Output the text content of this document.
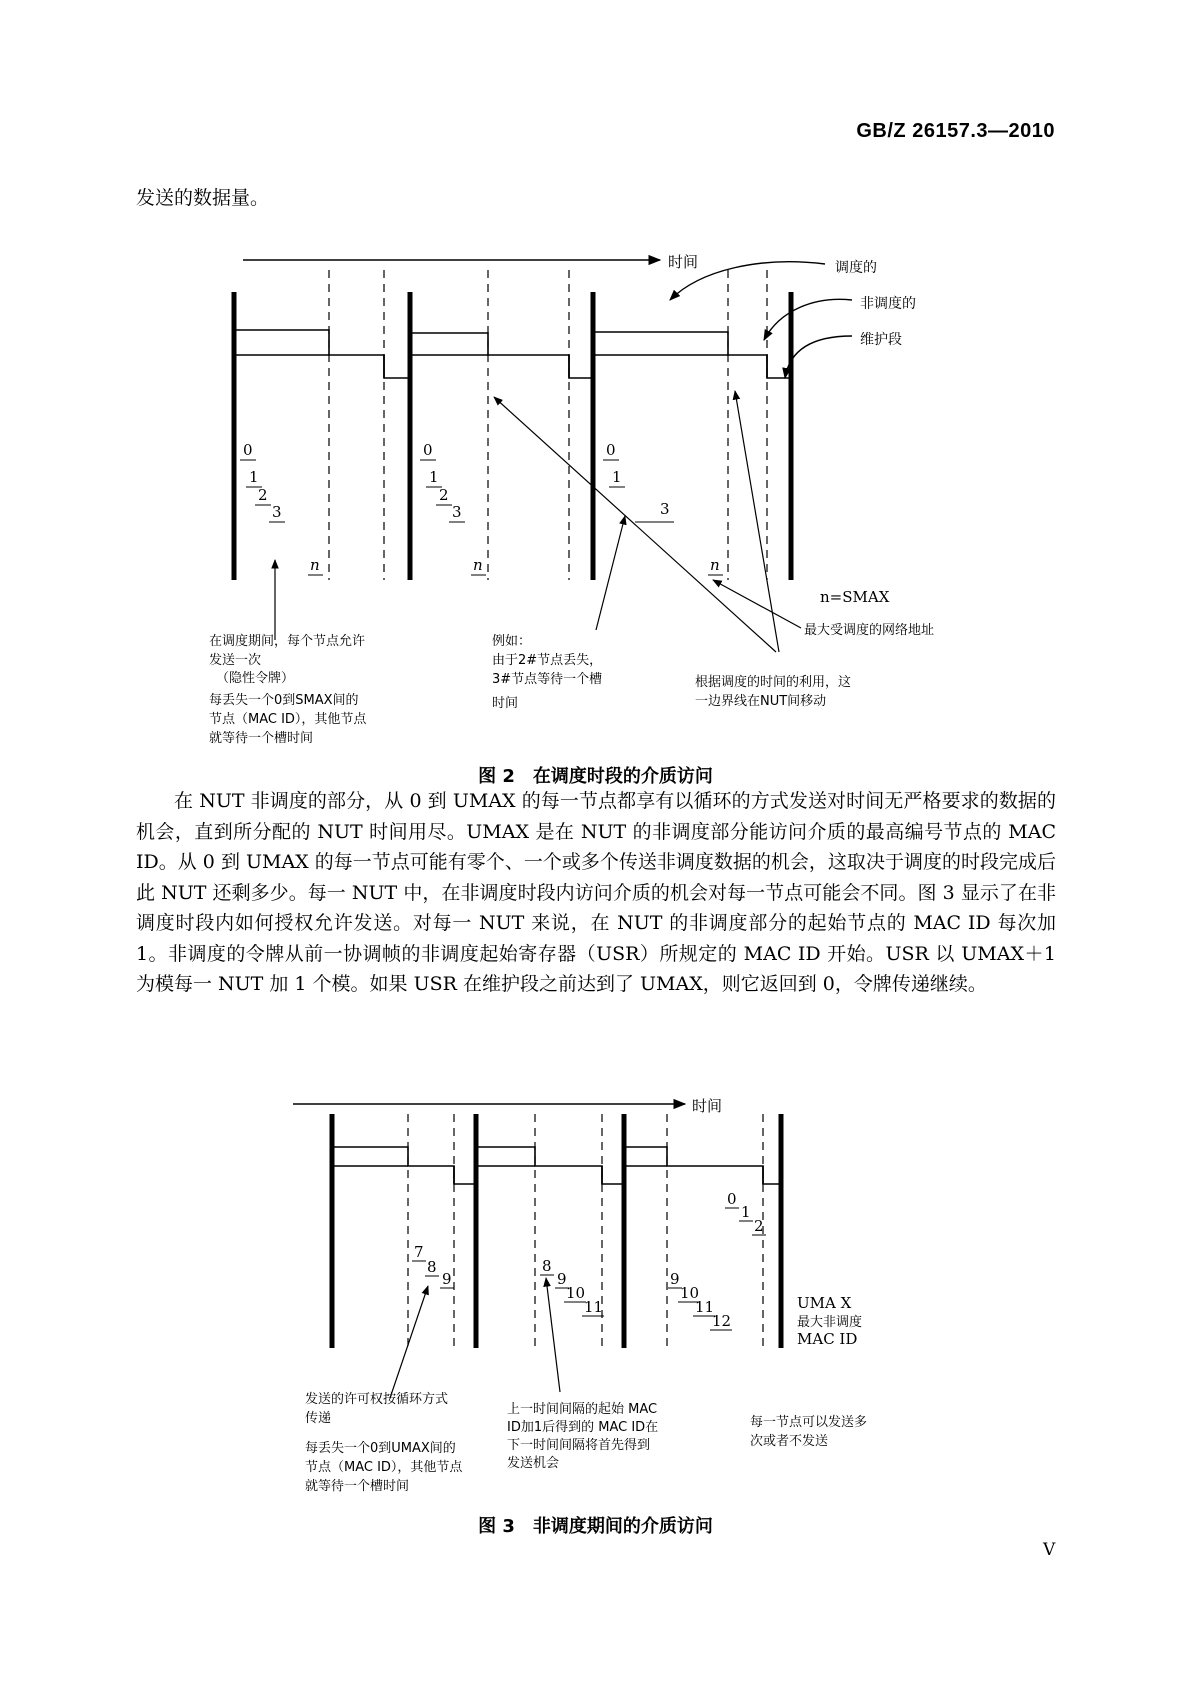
GB/Z 26157.3—2010
发送的数据量。
时间
0
1
2
3
0
1
2
3
0
1
3
n	n	n
n=SMAX
调度的
非调度的
维护段
在调度期间，每个节点允许
发送一次
（隐性令牌）
每丢失一个0到SMAX间的
节点（MAC ID），其他节点
就等待一个槽时间
例如：
由于2#节点丢失，
3#节点等待一个槽
时间
根据调度的时间的利用，这
一边界线在NUT间移动
最大受调度的网络地址
图 2　在调度时段的介质访问

在 NUT 非调度的部分，从 0 到 UMAX 的每一节点都享有以循环的方式发送对时间无严格要求的数据的机会，直到所分配的 NUT 时间用尽。UMAX 是在 NUT 的非调度部分能访问介质的最高编号节点的 MAC ID。从 0 到 UMAX 的每一节点可能有零个、一个或多个传送非调度数据的机会，这取决于调度的时段完成后此 NUT 还剩多少。每一 NUT 中，在非调度时段内访问介质的机会对每一节点可能会不同。图 3 显示了在非调度时段内如何授权允许发送。对每一 NUT 来说，在 NUT 的非调度部分的起始节点的 MAC ID 每次加 1。非调度的令牌从前一协调帧的非调度起始寄存器（USR）所规定的 MAC ID 开始。USR 以 UMAX＋1 为模每一 NUT 加 1 个模。如果 USR 在维护段之前达到了 UMAX，则它返回到 0，令牌传递继续。

时间
7
8
9
8
9
10
11
9
10
11
12
0
1
2
UMA X
最大非调度
MAC ID
发送的许可权按循环方式
传递
每丢失一个0到UMAX间的
节点（MAC ID），其他节点
就等待一个槽时间
上一时间间隔的起始 MAC
ID加1后得到的 MAC ID在
下一时间间隔将首先得到
发送机会
每一节点可以发送多
次或者不发送
图 3　非调度期间的介质访问
V
